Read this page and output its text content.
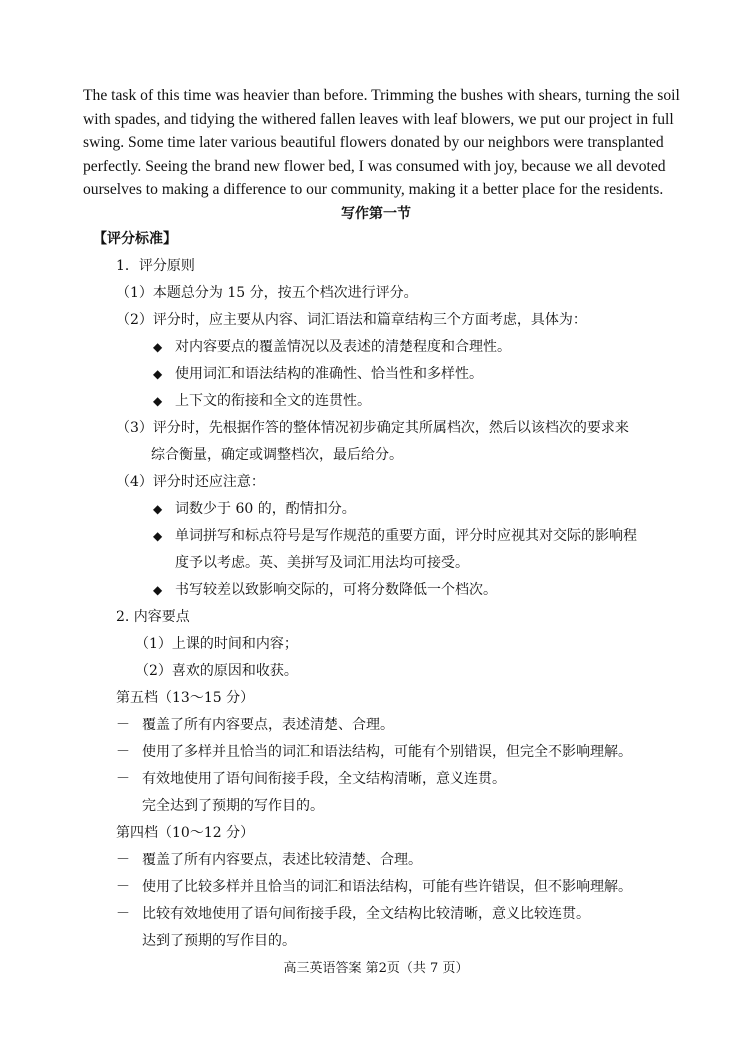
The task of this time was heavier than before. Trimming the bushes with shears, turning the soil
with spades, and tidying the withered fallen leaves with leaf blowers, we put our project in full
swing. Some time later various beautiful flowers donated by our neighbors were transplanted
perfectly. Seeing the brand new flower bed, I was consumed with joy, because we all devoted
ourselves to making a difference to our community, making it a better place for the residents.
写作第一节
【评分标准】
1．评分原则
（1）本题总分为 15 分，按五个档次进行评分。
（2）评分时，应主要从内容、词汇语法和篇章结构三个方面考虑，具体为：
◆ 对内容要点的覆盖情况以及表述的清楚程度和合理性。
◆ 使用词汇和语法结构的准确性、恰当性和多样性。
◆ 上下文的衔接和全文的连贯性。
（3）评分时，先根据作答的整体情况初步确定其所属档次，然后以该档次的要求来
综合衡量，确定或调整档次，最后给分。
（4）评分时还应注意：
◆ 词数少于 60 的，酌情扣分。
◆ 单词拼写和标点符号是写作规范的重要方面，评分时应视其对交际的影响程
度予以考虑。英、美拼写及词汇用法均可接受。
◆ 书写较差以致影响交际的，可将分数降低一个档次。
2. 内容要点
（1）上课的时间和内容；
（2）喜欢的原因和收获。
第五档（13～15 分）
－ 覆盖了所有内容要点，表述清楚、合理。
－ 使用了多样并且恰当的词汇和语法结构，可能有个别错误，但完全不影响理解。
－ 有效地使用了语句间衔接手段，全文结构清晰，意义连贯。
完全达到了预期的写作目的。
第四档（10～12 分）
－ 覆盖了所有内容要点，表述比较清楚、合理。
－ 使用了比较多样并且恰当的词汇和语法结构，可能有些许错误，但不影响理解。
－ 比较有效地使用了语句间衔接手段，全文结构比较清晰，意义比较连贯。
达到了预期的写作目的。
高三英语答案 第2页（共 7 页）
